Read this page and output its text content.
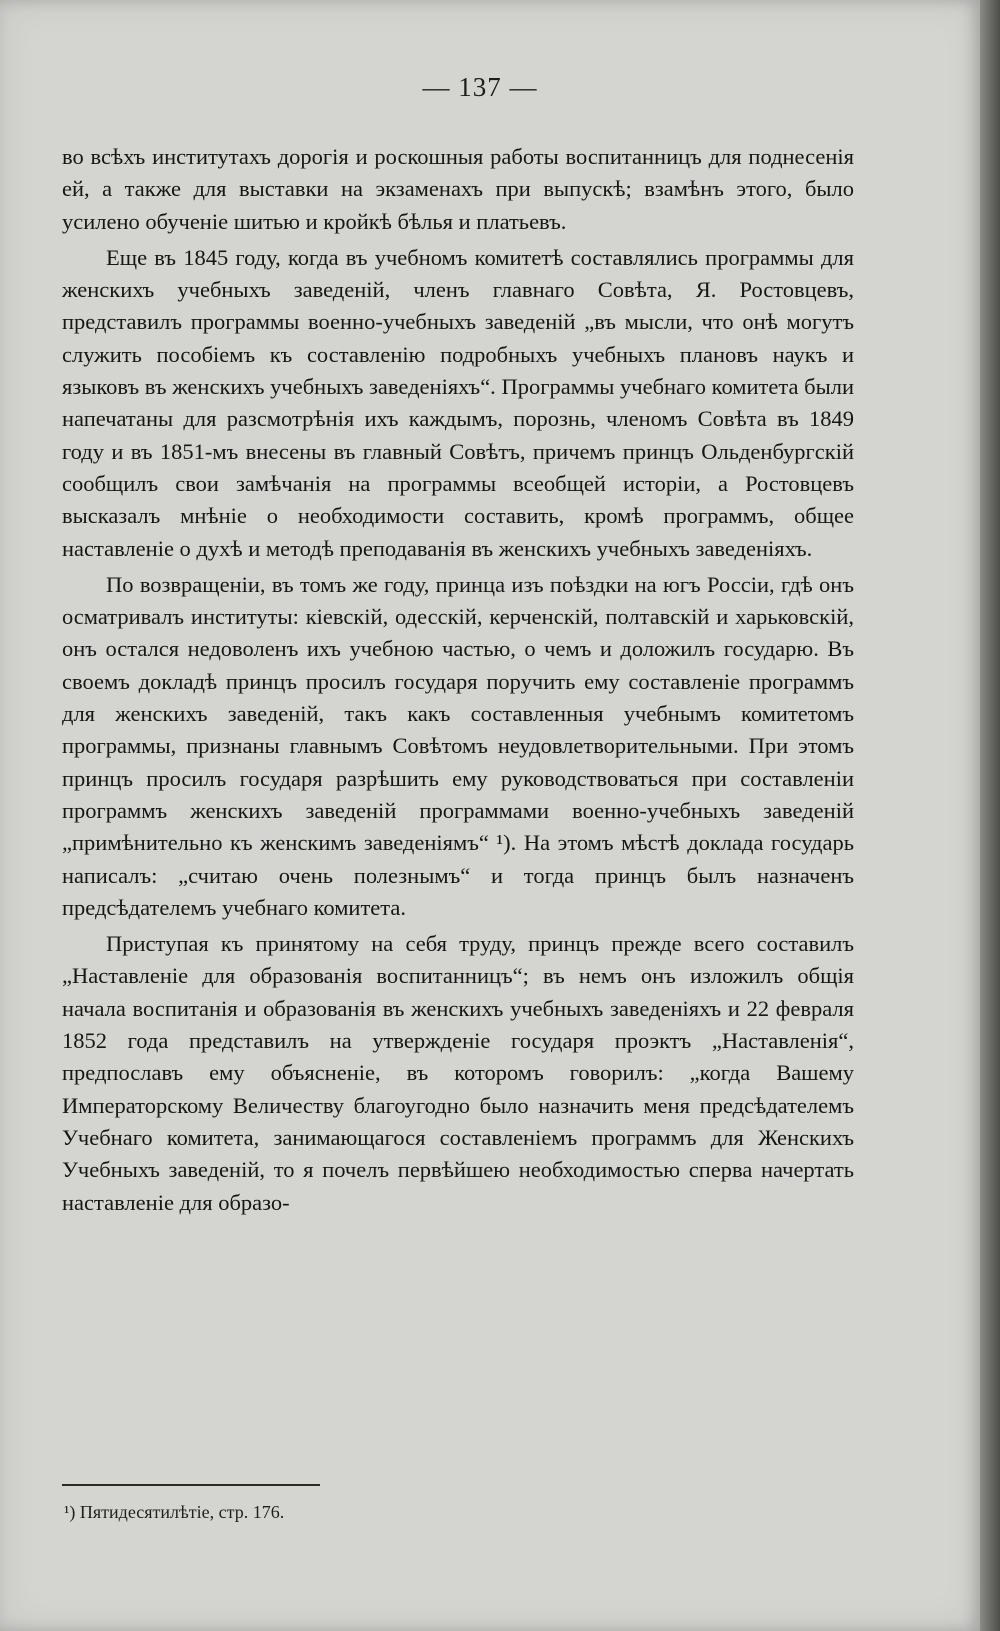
— 137 —

во всѣхъ институтахъ дорогія и роскошныя работы воспитанницъ для поднесенія ей, а также для выставки на экзаменахъ при выпускѣ; взамѣнъ этого, было усилено обученіе шитью и кройкѣ бѣлья и платьевъ.

Еще въ 1845 году, когда въ учебномъ комитетѣ составлялись программы для женскихъ учебныхъ заведеній, членъ главнаго Совѣта, Я. Ростовцевъ, представилъ программы военно-учебныхъ заведеній „въ мысли, что онѣ могутъ служить пособіемъ къ составленію подробныхъ учебныхъ плановъ наукъ и языковъ въ женскихъ учебныхъ заведеніяхъ“. Программы учебнаго комитета были напечатаны для разсмотрѣнія ихъ каждымъ, порознь, членомъ Совѣта въ 1849 году и въ 1851-мъ внесены въ главный Совѣтъ, причемъ принцъ Ольденбургскій сообщилъ свои замѣчанія на программы всеобщей исторіи, а Ростовцевъ высказалъ мнѣніе о необходимости составить, кромѣ программъ, общее наставленіе о духѣ и методѣ преподаванія въ женскихъ учебныхъ заведеніяхъ.

По возвращеніи, въ томъ же году, принца изъ поѣздки на югъ Россіи, гдѣ онъ осматривалъ институты: кіевскій, одесскій, керченскій, полтавскій и харьковскій, онъ остался недоволенъ ихъ учебною частью, о чемъ и доложилъ государю. Въ своемъ докладѣ принцъ просилъ государя поручить ему составленіе программъ для женскихъ заведеній, такъ какъ составленныя учебнымъ комитетомъ программы, признаны главнымъ Совѣтомъ неудовлетворительными. При этомъ принцъ просилъ государя разрѣшить ему руководствоваться при составленіи программъ женскихъ заведеній программами военно-учебныхъ заведеній „примѣнительно къ женскимъ заведеніямъ“ ¹). На этомъ мѣстѣ доклада государь написалъ: „считаю очень полезнымъ“ и тогда принцъ былъ назначенъ предсѣдателемъ учебнаго комитета.

Приступая къ принятому на себя труду, принцъ прежде всего составилъ „Наставленіе для образованія воспитанницъ“; въ немъ онъ изложилъ общія начала воспитанія и образованія въ женскихъ учебныхъ заведеніяхъ и 22 февраля 1852 года представилъ на утвержденіе государя проэктъ „Наставленія“, предпославъ ему объясненіе, въ которомъ говорилъ: „когда Вашему Императорскому Величеству благоугодно было назначить меня предсѣдателемъ Учебнаго комитета, занимающагося составленіемъ программъ для Женскихъ Учебныхъ заведеній, то я почелъ первѣйшею необходимостью сперва начертать наставленіе для образо-

¹) Пятидесятилѣтіе, стр. 176.
